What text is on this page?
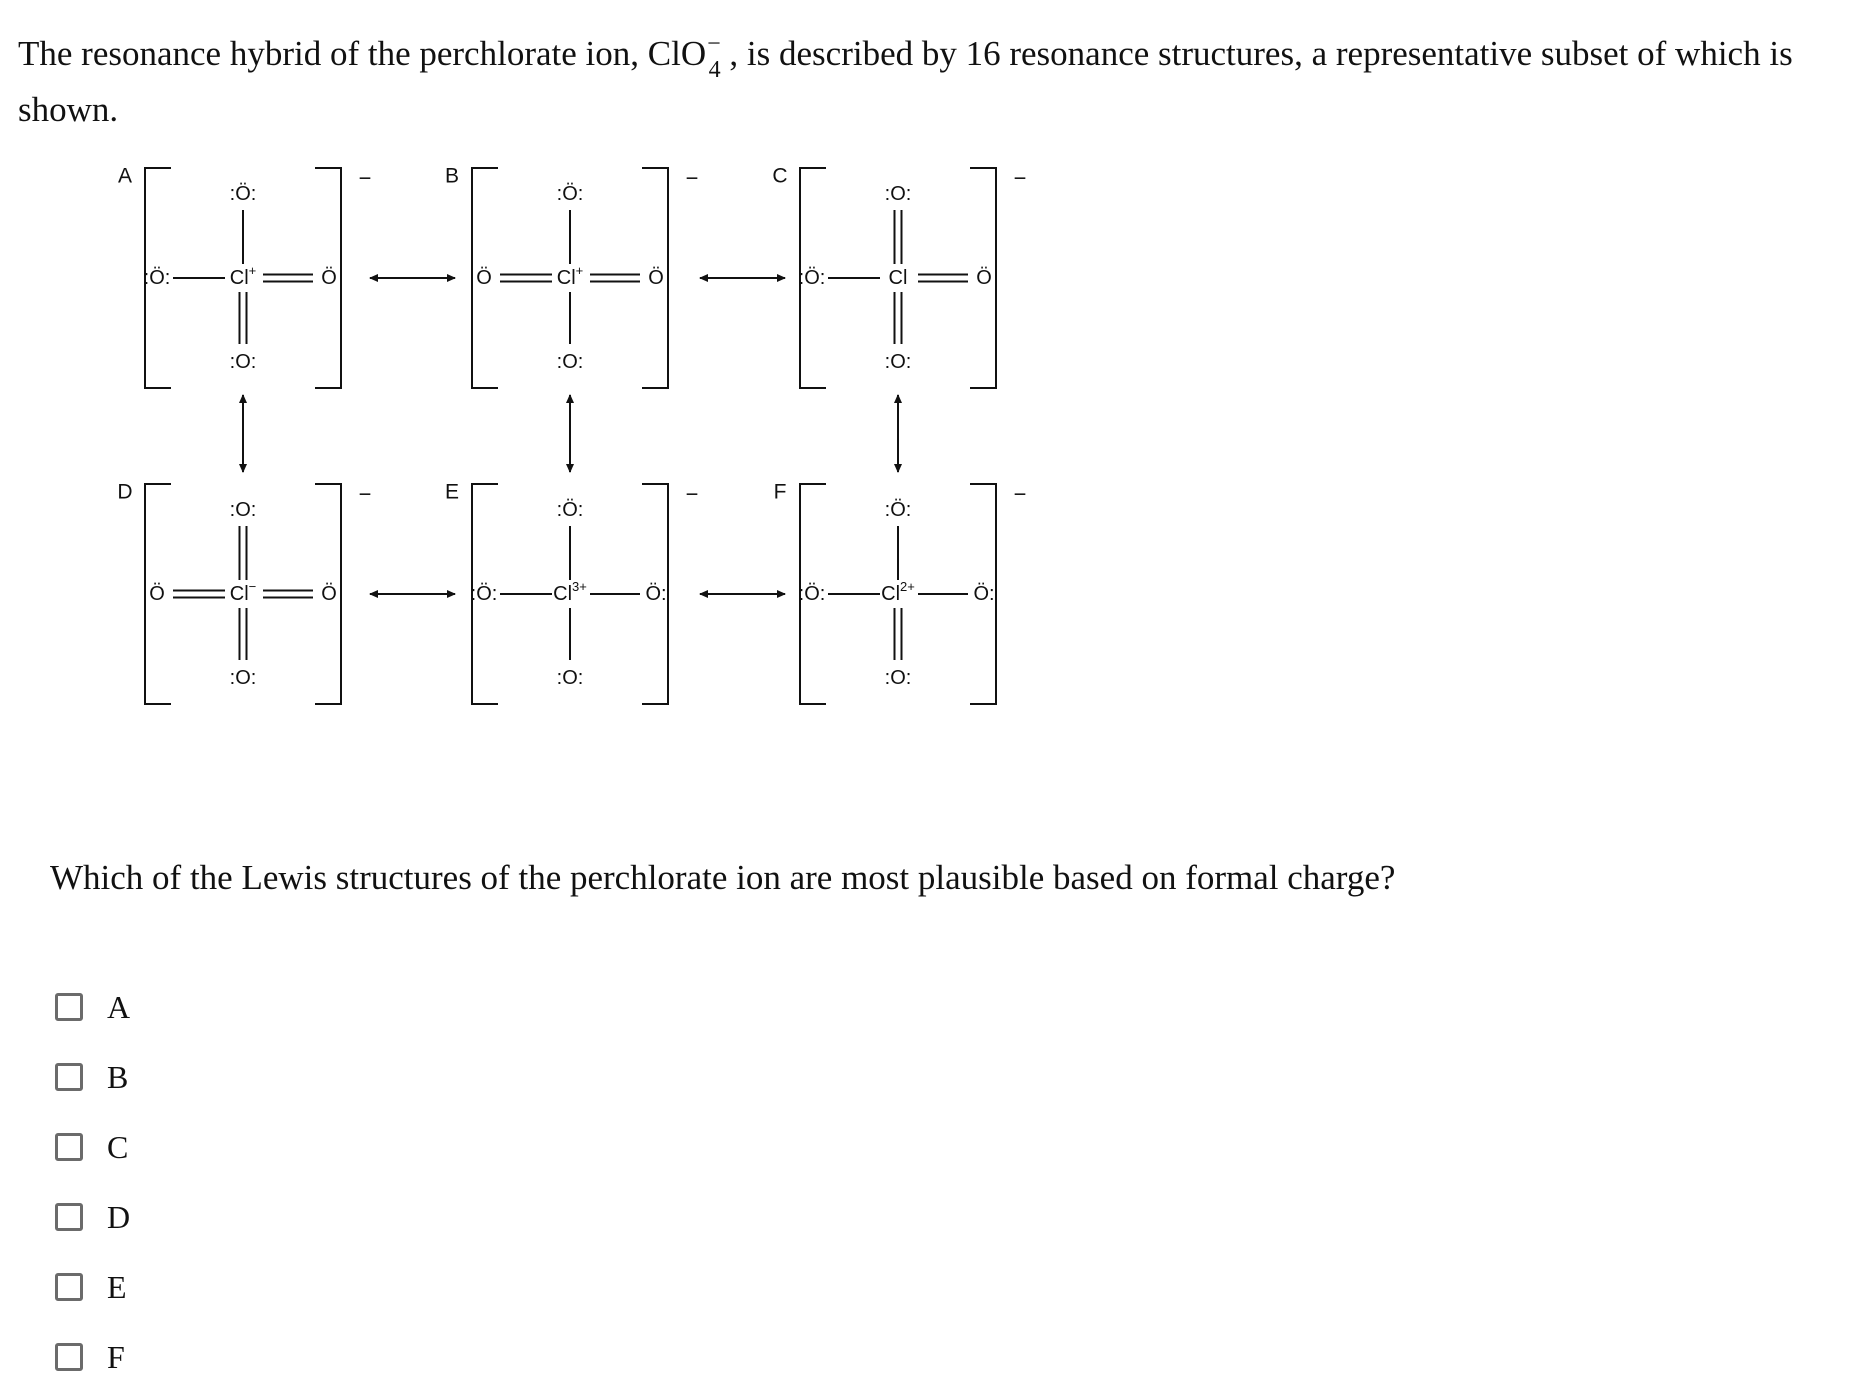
The resonance hybrid of the perchlorate ion, ClO−$_4$ , is described by 16 resonance structures, a representative subset of which is shown.

A	−
Cl+
:Ö:
:O:
:Ö:	Ö
B	−
Cl+
:Ö:
:O:
Ö	Ö
C	−
Cl
:O:
:O:
:Ö:	Ö
D	−
Cl−
:O:
:O:
Ö	Ö
E	−
$Cl^{3+}$
:Ö:
:O:
:Ö:	Ö:
F	−
$Cl^{2+}$
:Ö:
:O:
:Ö:	Ö:

Which of the Lewis structures of the perchlorate ion are most plausible based on formal charge?

A
B
C
D
E
F
